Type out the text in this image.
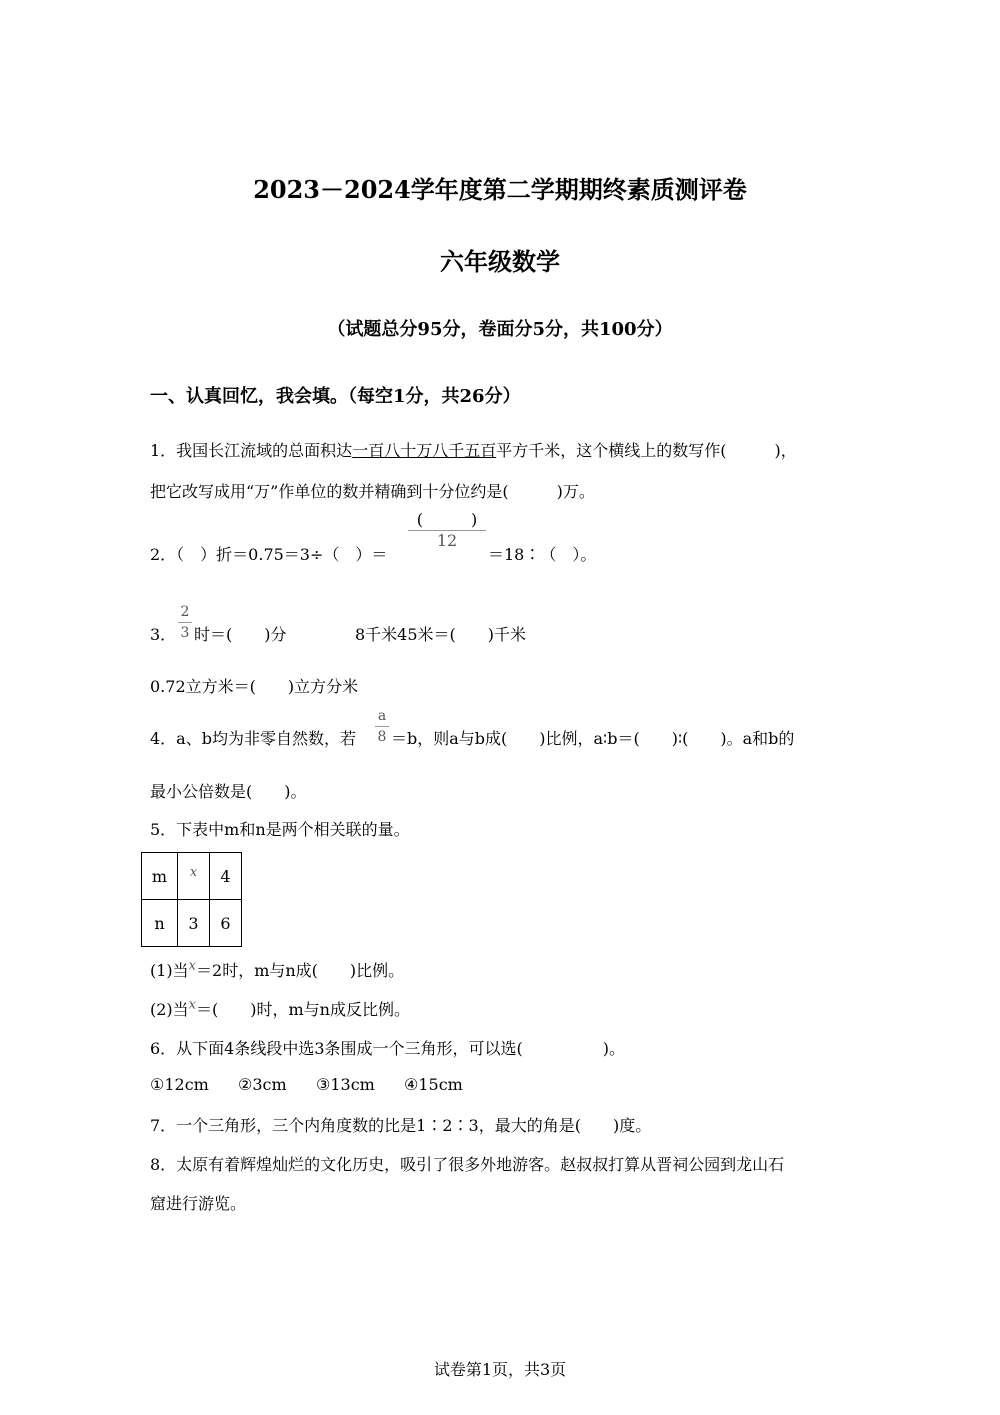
2023－2024学年度第二学期期终素质测评卷
六年级数学
（试题总分95分，卷面分5分，共100分）
一、认真回忆，我会填。（每空1分，共26分）
1．我国长江流域的总面积达一百八十万八千五百平方千米，这个横线上的数写作(　　　)，
把它改写成用“万”作单位的数并精确到十分位约是(　　　)万。
2．（　）折＝0.75＝3÷（　）＝
(　　　)
12
＝18∶（　）。
3．
2
3 时＝(　　)分	8千米45米＝(　　)千米
0.72立方米＝(　　)立方分米
4．a、b均为非零自然数，若
a
8 ＝b，则a与b成(　　)比例，a∶b＝(　　)∶(　　)。a和b的
最小公倍数是(　　)。
5．下表中m和n是两个相关联的量。
m	$^x$	4
n	3	6
(1)当$^x$＝2时，m与n成(　　)比例。
(2)当$^x$＝(　　)时，m与n成反比例。
6．从下面4条线段中选3条围成一个三角形，可以选(　　　　　)。
①12cm ②3cm ③13cm ④15cm
7．一个三角形，三个内角度数的比是1∶2∶3，最大的角是(　　)度。
8．太原有着辉煌灿烂的文化历史，吸引了很多外地游客。赵叔叔打算从晋祠公园到龙山石
窟进行游览。
试卷第1页，共3页
